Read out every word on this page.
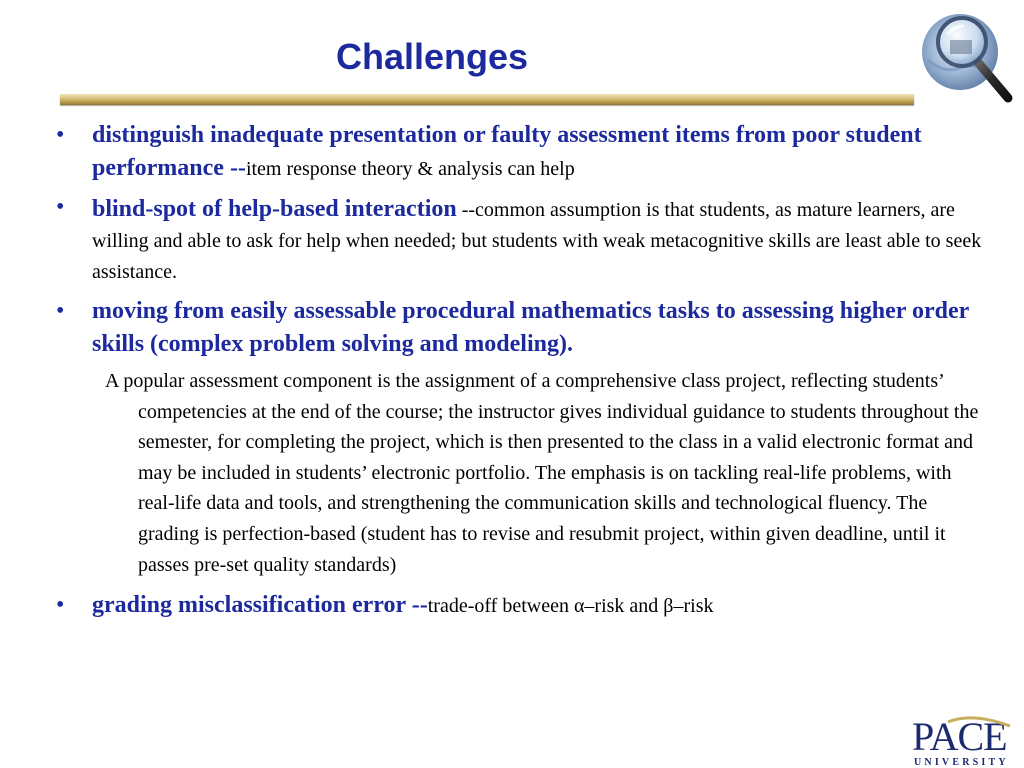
Challenges
• distinguish inadequate presentation or faulty assessment items from poor student performance --item response theory & analysis can help
• blind-spot of help-based interaction --common assumption is that students, as mature learners, are willing and able to ask for help when needed; but students with weak metacognitive skills are least able to seek assistance.
• moving from easily assessable procedural mathematics tasks to assessing higher order skills (complex problem solving and modeling).

A popular assessment component is the assignment of a comprehensive class project, reflecting students’ competencies at the end of the course; the instructor gives individual guidance to students throughout the semester, for completing the project, which is then presented to the class in a valid electronic format and may be included in students’ electronic portfolio. The emphasis is on tackling real-life problems, with real-life data and tools, and strengthening the communication skills and technological fluency. The grading is perfection-based (student has to revise and resubmit project, within given deadline, until it passes pre-set quality standards)

• grading misclassification error --trade-off between α–risk and β–risk
PACE
UNIVERSITY
